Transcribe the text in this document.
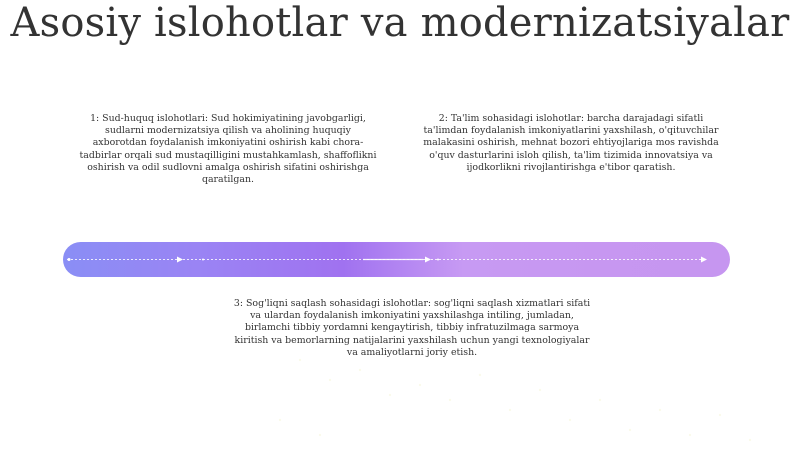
Asosiy islohotlar va modernizatsiyalar
1: Sud-huquq islohotlari: Sud hokimiyatining javobgarligi, sudlarni modernizatsiya qilish va aholining huquqiy axborotdan foydalanish imkoniyatini oshirish kabi chora-tadbirlar orqali sud mustaqilligini mustahkamlash, shaffoflikni oshirish va odil sudlovni amalga oshirish sifatini oshirishga qaratilgan.
2: Ta'lim sohasidagi islohotlar: barcha darajadagi sifatli ta'limdan foydalanish imkoniyatlarini yaxshilash, o'qituvchilar malakasini oshirish, mehnat bozori ehtiyojlariga mos ravishda o'quv dasturlarini isloh qilish, ta'lim tizimida innovatsiya va ijodkorlikni rivojlantirishga e'tibor qaratish.
3: Sog'liqni saqlash sohasidagi islohotlar: sog'liqni saqlash xizmatlari sifati va ulardan foydalanish imkoniyatini yaxshilashga intiling, jumladan, birlamchi tibbiy yordamni kengaytirish, tibbiy infratuzilmaga sarmoya kiritish va bemorlarning natijalarini yaxshilash uchun yangi texnologiyalar va amaliyotlarni joriy etish.
